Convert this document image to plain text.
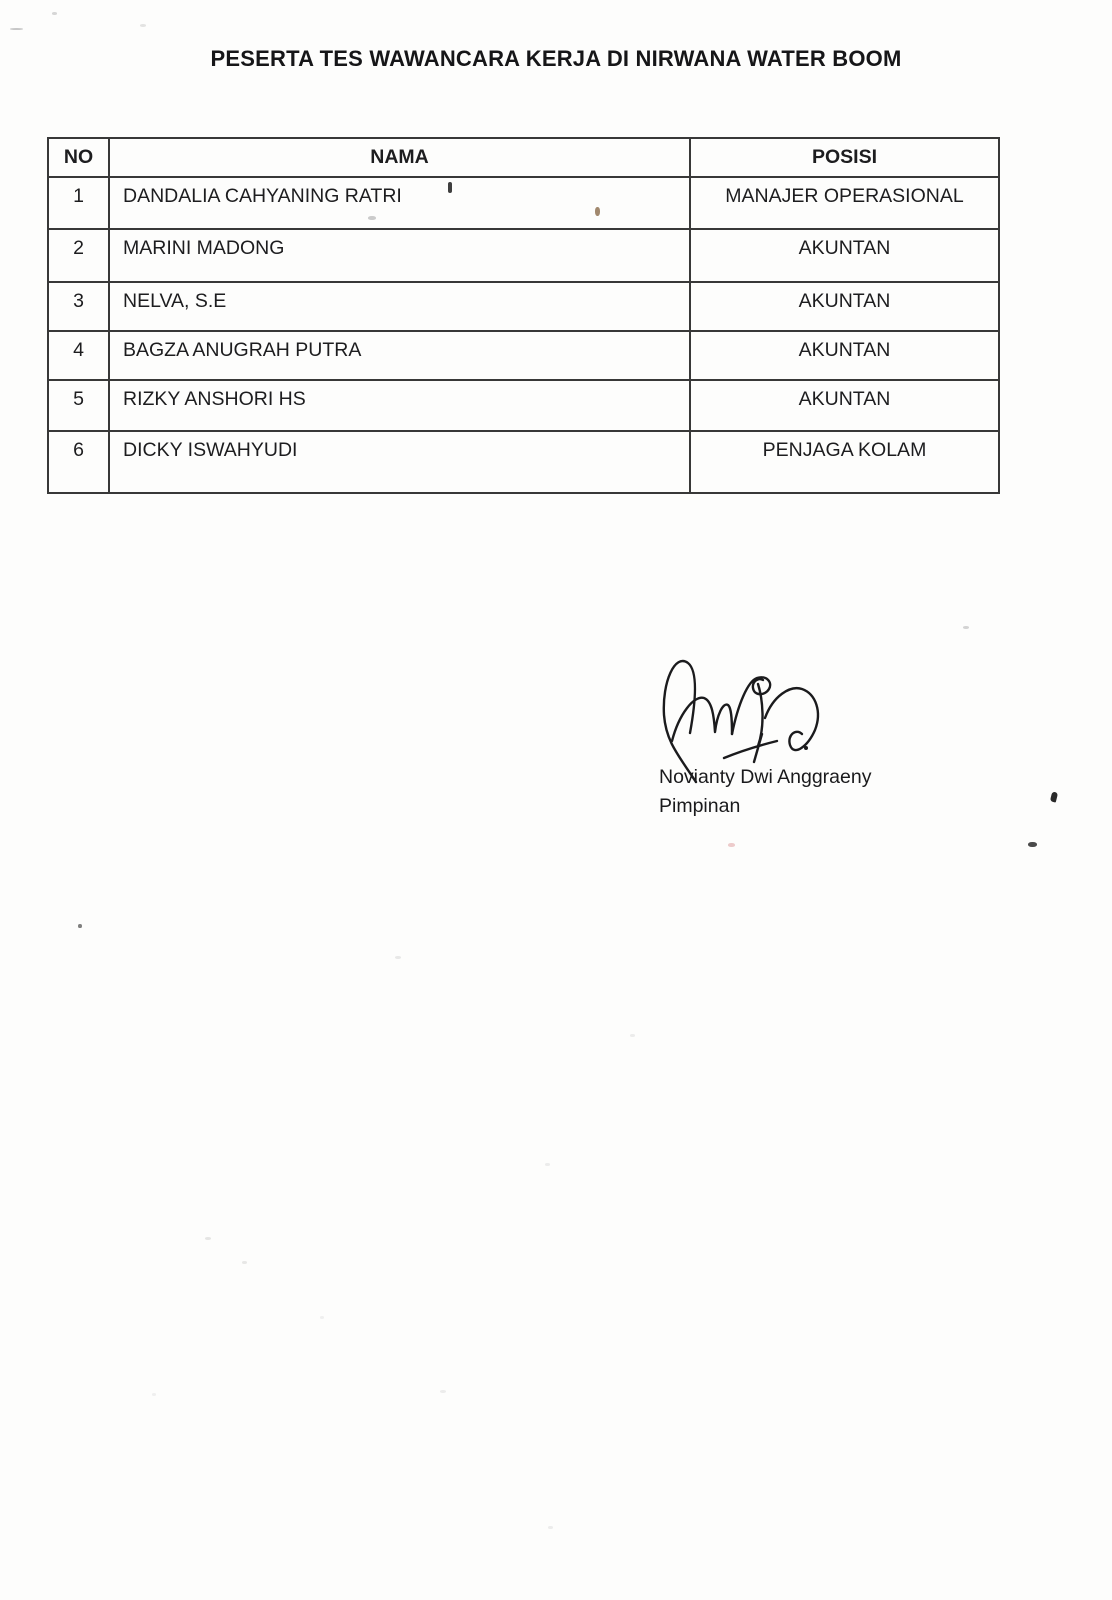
PESERTA TES WAWANCARA KERJA DI NIRWANA WATER BOOM
NO	NAMA	POSISI
1	DANDALIA CAHYANING RATRI	MANAJER OPERASIONAL
2	MARINI MADONG	AKUNTAN
3	NELVA, S.E	AKUNTAN
4	BAGZA ANUGRAH PUTRA	AKUNTAN
5	RIZKY ANSHORI HS	AKUNTAN
6	DICKY ISWAHYUDI	PENJAGA KOLAM
Novianty Dwi Anggraeny
Pimpinan
